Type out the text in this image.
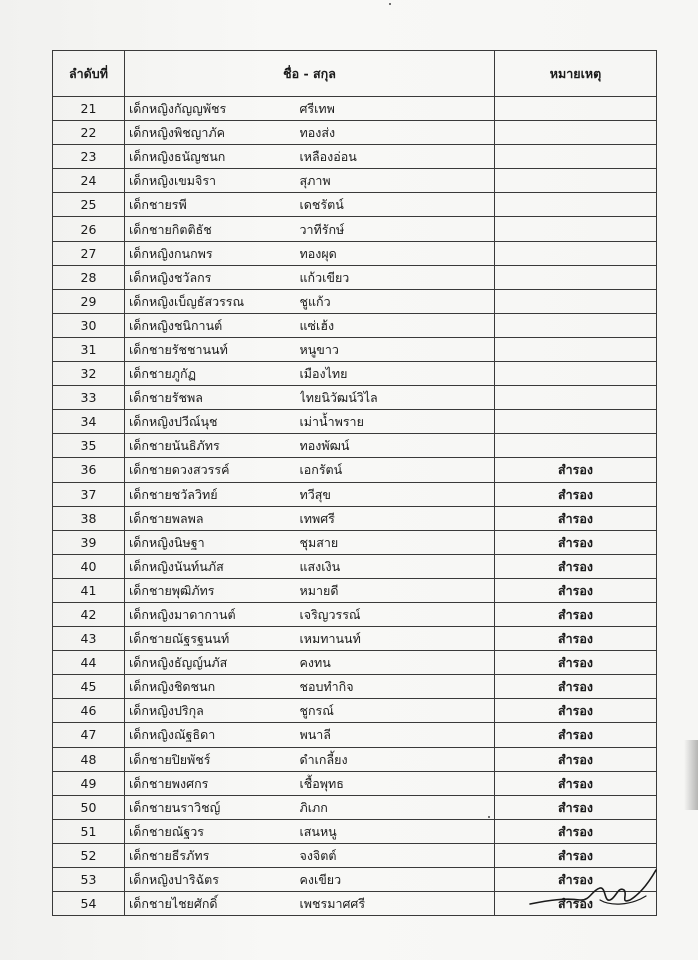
ลำดับที่	ชื่อ - สกุล		หมายเหตุ
21	เด็กหญิงกัญญพัชร	ศรีเทพ	
22	เด็กหญิงพิชญาภัค	ทองส่ง	
23	เด็กหญิงธนัญชนก	เหลืองอ่อน	
24	เด็กหญิงเขมจิรา	สุภาพ	
25	เด็กชายรพี	เดชรัตน์	
26	เด็กชายกิตติธัช	วาทีรักษ์	
27	เด็กหญิงกนกพร	ทองผุด	
28	เด็กหญิงชวัลกร	แก้วเขียว	
29	เด็กหญิงเบ็ญธัสวรรณ	ชูแก้ว	
30	เด็กหญิงชนิกานต์	แซ่เฮ้ง	
31	เด็กชายรัชชานนท์	หนูขาว	
32	เด็กชายภูกัฏ	เมืองไทย	
33	เด็กชายรัชพล	ไทยนิวัฒน์วิไล	
34	เด็กหญิงปวีณ์นุช	เม่าน้ำพราย	
35	เด็กชายนันธิภัทร	ทองพัฒน์	
36	เด็กชายดวงสวรรค์	เอกรัตน์	สำรอง
37	เด็กชายชวัลวิทย์	ทวีสุข	สำรอง
38	เด็กชายพลพล	เทพศรี	สำรอง
39	เด็กหญิงนิษฐา	ชุมสาย	สำรอง
40	เด็กหญิงนันท์นภัส	แสงเงิน	สำรอง
41	เด็กชายพุฒิภัทร	หมายดี	สำรอง
42	เด็กหญิงมาดากานต์	เจริญวรรณ์	สำรอง
43	เด็กชายณัฐรฐนนท์	เหมทานนท์	สำรอง
44	เด็กหญิงธัญญ์นภัส	คงทน	สำรอง
45	เด็กหญิงชิดชนก	ชอบทำกิจ	สำรอง
46	เด็กหญิงปริกุล	ชูกรณ์	สำรอง
47	เด็กหญิงณัฐธิดา	พนาลี	สำรอง
48	เด็กชายปิยพัชร์	ดำเกลี้ยง	สำรอง
49	เด็กชายพงศกร	เชื้อพุทธ	สำรอง
50	เด็กชายนราวิชญ์	ภิเภก	สำรอง
51	เด็กชายณัฐวร	เสนหนู	สำรอง
52	เด็กชายธีรภัทร	จงจิตต์	สำรอง
53	เด็กหญิงปาริฉัตร	คงเขียว	สำรอง
54	เด็กชายไชยศักดิ์	เพชรมาศศรี	สำรอง
